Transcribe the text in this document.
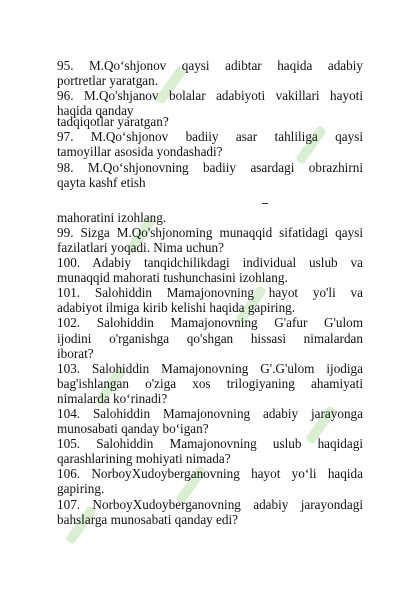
95. M.Qo‘shjonov qaysi adibtar haqida adabiy
portretlar yaratgan.
96. M.Qo'shjanov bolalar adabiyoti vakillari hayoti
haqida qanday
tadqiqotlar yaratgan?
97. M.Qo‘shjonov badiiy asar tahliliga qaysi
tamoyillar asosida yondashadi?
98. M.Qo‘shjonovning badiiy asardagi obrazhirni
qayta kashf etish
mahoratini izohlang.
99. Sizga M.Qo'shjonoming munaqqid sifatidagi qaysi
fazilatlari yoqadi. Nima uchun?
100. Adabiy tanqidchilikdagi individual uslub va
munaqqid mahorati tushunchasini izohlang.
101. Salohiddin Mamajonovning hayot yo'li va
adabiyot ilmiga kirib kelishi haqida gapiring.
102. Salohiddin Mamajonovning G'afur G'ulom
ijodini o'rganishga qo'shgan hissasi nimalardan
iborat?
103. Salohiddin Mamajonovning G'.G'ulom ijodiga
bag'ishlangan o'ziga xos trilogiyaning ahamiyati
nimalarda ko‘rinadi?
104. Salohiddin Mamajonovning adabiy jarayonga
munosabati qanday bo‘igan?
105. Salohiddin Mamajonovning uslub haqidagi
qarashlarining mohiyati nimada?
106. NorboyXudoyberganovning hayot yo‘li haqida
gapiring.
107. NorboyXudoyberganovning adabiy jarayondagi
bahslarga munosabati qanday edi?
